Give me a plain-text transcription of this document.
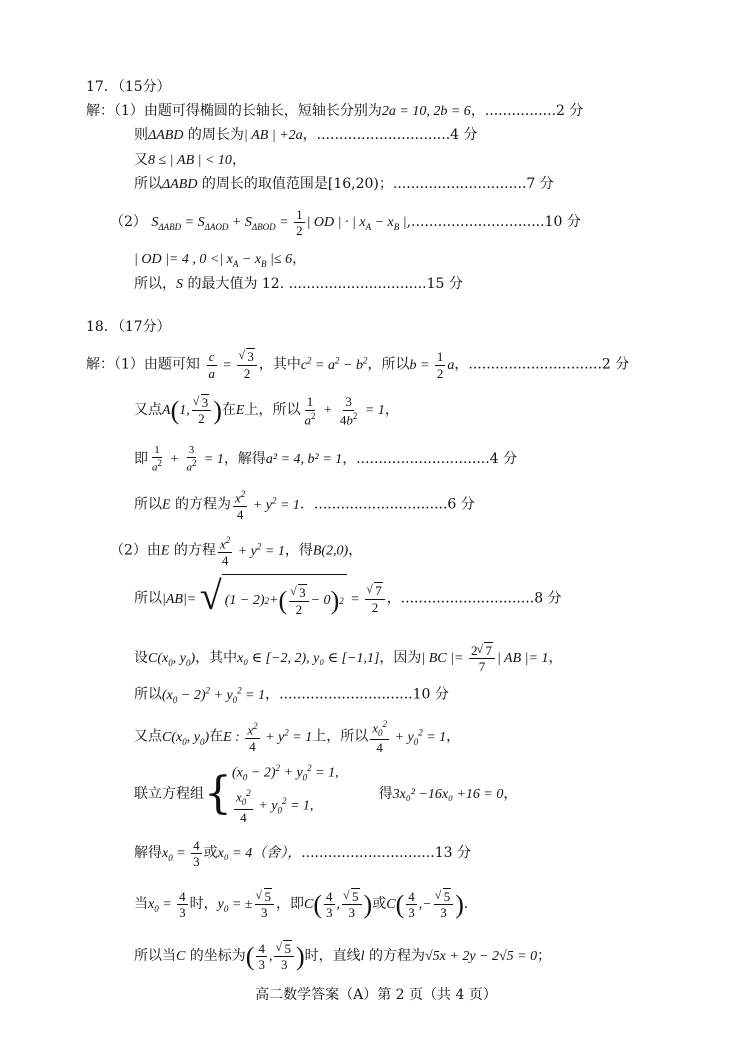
17．（15分）
解：（1）由题可得椭圆的长轴长，短轴长分别为2a = 10, 2b = 6，................2 分
则ΔABD 的周长为| AB | +2a，..............................4 分
又8 ≤ | AB | < 10，
所以ΔABD 的周长的取值范围是[16,20)；..............................7 分
（2） $S_{\Delta ABD} = S_{\Delta AOD} + S_{\Delta BOD} = \frac{1}{2}$ | OD | · | $x_A - x_B$ |,..............................10 分
| OD |= 4 , 0 <| $x_A - x_B$ |≤ 6，
所以，S 的最大值为 12. ...............................15 分
18．（17分）
解：（1）由题可知 $\frac{c}{a}$ = √ $\frac{3}{2}$ ，其中$c^2 = a^2 - b^2$，所以$b = \frac{1}{2}$ a，..............................2 分
又点A(1, √ $\frac{3}{2}$ )在E上，所以 $\frac{1}{a^2} + \frac{3}{4b^2} = 1$，
即 $\frac{1}{a^2} + \frac{3}{a^2} = 1$，解得a² = 4, b² = 1，..............................4 分
所以E 的方程为 $\frac{x^2}{4} + y^2 = 1$．..............................6 分
（2）由E 的方程 $\frac{x^2}{4} + y^2 = 1$，得B(2,0)，
所以|AB|= √ (1 − 2) 2 + ( √ $\frac{3}{2} - 0$ ) 2 = √ $\frac{7}{2}$ ，..............................8 分
设$C(x_0$, $y_0$)，其中x₀ ∈ [−2, 2), y₀ ∈ [−1,1]，因为| BC |= $\frac{2 √ 7}{7}$ | AB |= 1，
所以$(x_0 - 2)^2 + y_0^2 = 1$，..............................10 分
又点$C(x_0$, $y_0$)在E : $\frac{x^2}{4} + y^2 = 1$上，所以 $\frac{x_0^2}{4} + y_0^2 = 1$，
联立方程组{ $(x_0 - 2)^2 + y_0^2 = 1$,
$\frac{x_0^2}{4} + y_0^2 = 1$,
得3x₀² −16x₀ +16 = 0，
解得$x_0 = \frac{4}{3}$ 或x₀ = 4（舍），..............................13 分
当$x_0 = \frac{4}{3}$ 时，$y_0$ = ± √ $\frac{5}{3}$ ，即$C( \frac{4}{3}$ , √ $\frac{5}{3}$ )或$C( \frac{4}{3}$ ,− √ $\frac{5}{3}$ )．
所以当C 的坐标为( $\frac{4}{3}$ , √ $\frac{5}{3}$ )时，直线l 的方程为√5x + 2y − 2√5 = 0；
高二数学答案（A）第 2 页（共 4 页）
